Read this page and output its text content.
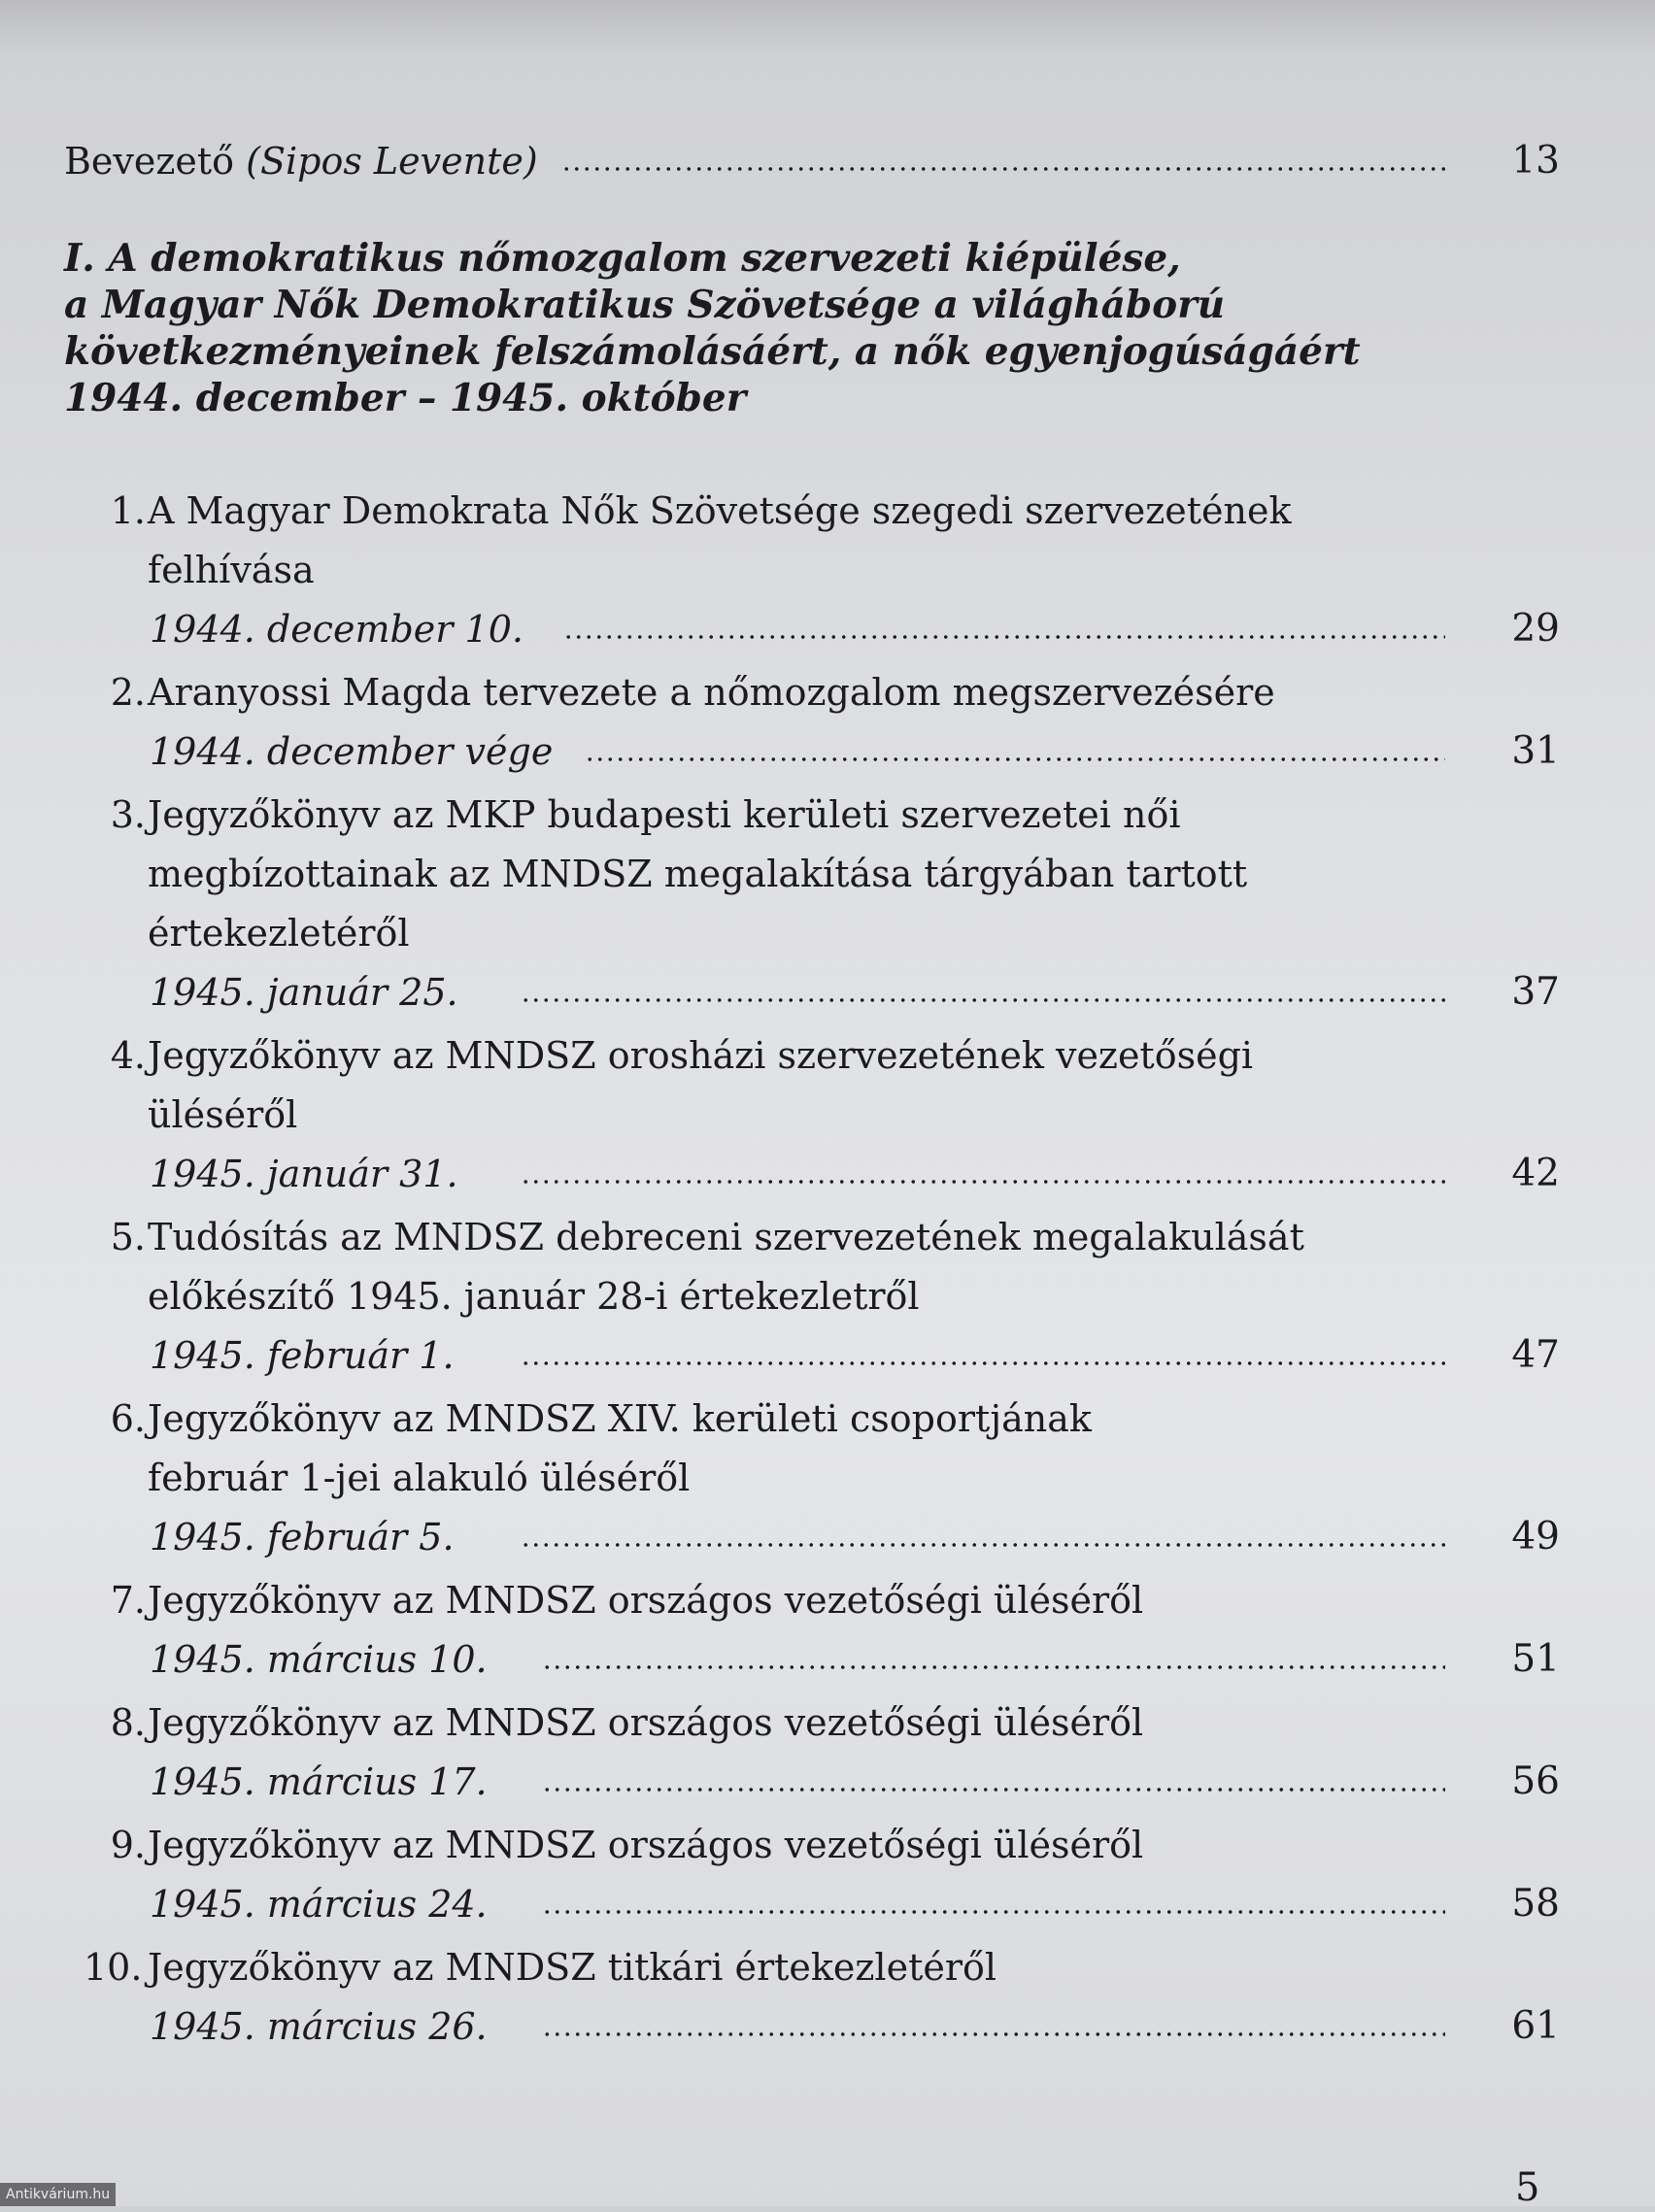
Bevezető (Sipos Levente)	13
I. A demokratikus nőmozgalom szervezeti kiépülése,
a Magyar Nők Demokratikus Szövetsége a világháború
következményeinek felszámolásáért, a nők egyenjogúságáért
1944. december – 1945. október
1. A Magyar Demokrata Nők Szövetsége szegedi szervezetének
felhívása
1944. december 10.	29
2. Aranyossi Magda tervezete a nőmozgalom megszervezésére
1944. december vége	31
3. Jegyzőkönyv az MKP budapesti kerületi szervezetei női
megbízottainak az MNDSZ megalakítása tárgyában tartott
értekezletéről
1945. január 25.	37
4. Jegyzőkönyv az MNDSZ orosházi szervezetének vezetőségi
üléséről
1945. január 31.	42
5. Tudósítás az MNDSZ debreceni szervezetének megalakulását
előkészítő 1945. január 28-i értekezletről
1945. február 1.	47
6. Jegyzőkönyv az MNDSZ XIV. kerületi csoportjának
február 1-jei alakuló üléséről
1945. február 5.	49
7. Jegyzőkönyv az MNDSZ országos vezetőségi üléséről
1945. március 10.	51
8. Jegyzőkönyv az MNDSZ országos vezetőségi üléséről
1945. március 17.	56
9. Jegyzőkönyv az MNDSZ országos vezetőségi üléséről
1945. március 24.	58
10. Jegyzőkönyv az MNDSZ titkári értekezletéről
1945. március 26.	61
5
Antikvárium.hu
